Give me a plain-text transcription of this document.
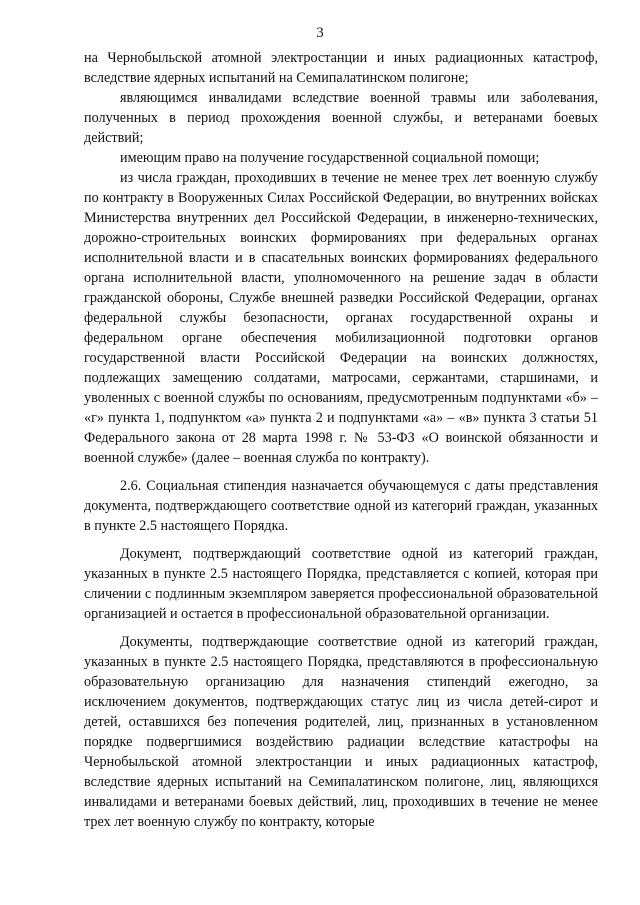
3

на Чернобыльской атомной электростанции и иных радиационных катастроф, вследствие ядерных испытаний на Семипалатинском полигоне;

являющимся инвалидами вследствие военной травмы или заболевания, полученных в период прохождения военной службы, и ветеранами боевых действий;

имеющим право на получение государственной социальной помощи;

из числа граждан, проходивших в течение не менее трех лет военную службу по контракту в Вооруженных Силах Российской Федерации, во внутренних войсках Министерства внутренних дел Российской Федерации, в инженерно-технических, дорожно-строительных воинских формированиях при федеральных органах исполнительной власти и в спасательных воинских формированиях федерального органа исполнительной власти, уполномоченного на решение задач в области гражданской обороны, Службе внешней разведки Российской Федерации, органах федеральной службы безопасности, органах государственной охраны и федеральном органе обеспечения мобилизационной подготовки органов государственной власти Российской Федерации на воинских должностях, подлежащих замещению солдатами, матросами, сержантами, старшинами, и уволенных с военной службы по основаниям, предусмотренным подпунктами «б» – «г» пункта 1, подпунктом «а» пункта 2 и подпунктами «а» – «в» пункта 3 статьи 51 Федерального закона от 28 марта 1998 г. № 53-ФЗ «О воинской обязанности и военной службе» (далее – военная служба по контракту).

2.6. Социальная стипендия назначается обучающемуся с даты представления документа, подтверждающего соответствие одной из категорий граждан, указанных в пункте 2.5 настоящего Порядка.

Документ, подтверждающий соответствие одной из категорий граждан, указанных в пункте 2.5 настоящего Порядка, представляется с копией, которая при сличении с подлинным экземпляром заверяется профессиональной образовательной организацией и остается в профессиональной образовательной организации.

Документы, подтверждающие соответствие одной из категорий граждан, указанных в пункте 2.5 настоящего Порядка, представляются в профессиональную образовательную организацию для назначения стипендий ежегодно, за исключением документов, подтверждающих статус лиц из числа детей-сирот и детей, оставшихся без попечения родителей, лиц, признанных в установленном порядке подвергшимися воздействию радиации вследствие катастрофы на Чернобыльской атомной электростанции и иных радиационных катастроф, вследствие ядерных испытаний на Семипалатинском полигоне, лиц, являющихся инвалидами и ветеранами боевых действий, лиц, проходивших в течение не менее трех лет военную службу по контракту, которые
